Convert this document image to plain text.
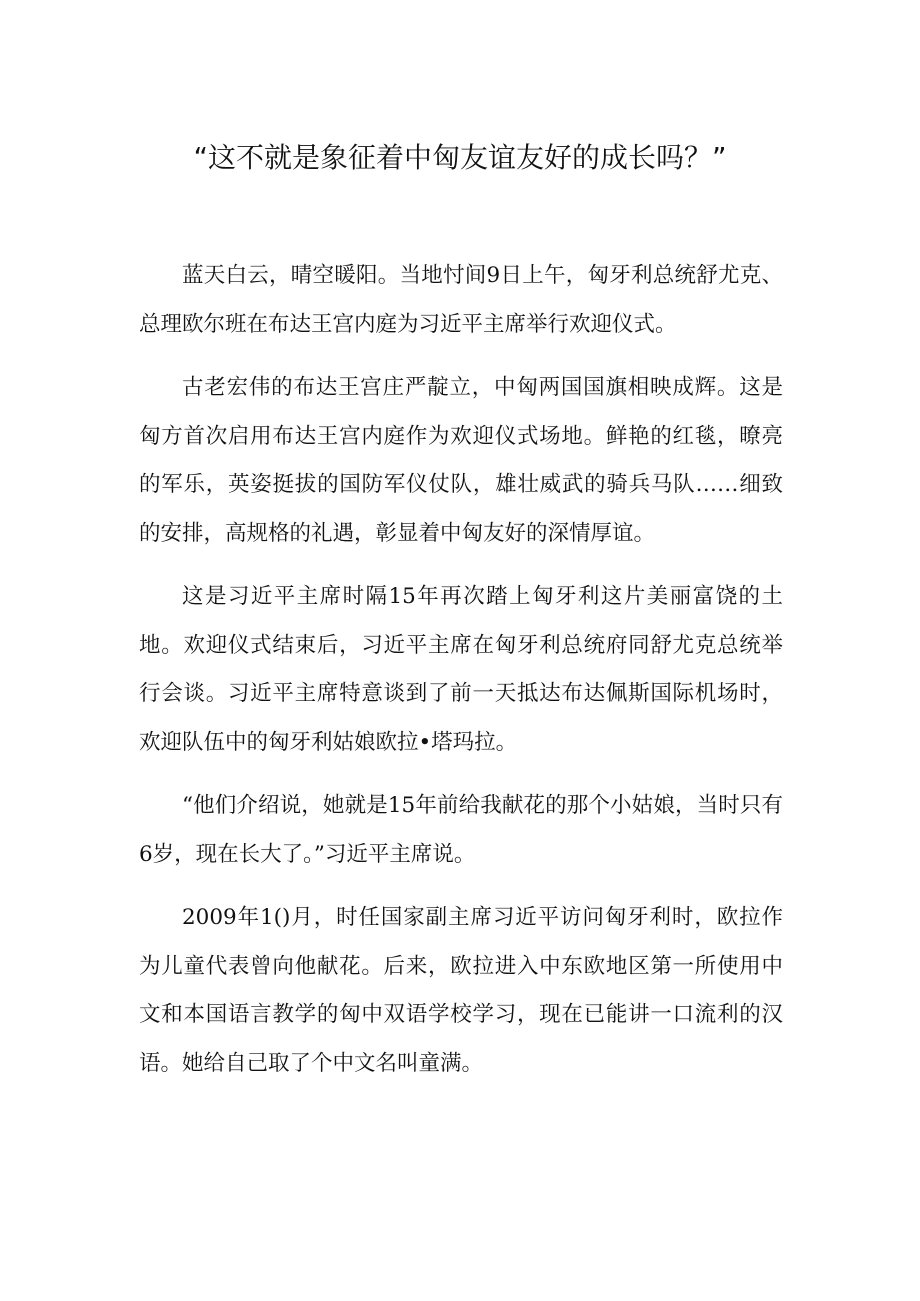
“这不就是象征着中匈友谊友好的成长吗？”

蓝天白云，晴空暖阳。当地忖间9日上午，匈牙利总统舒尤克、总理欧尔班在布达王宫内庭为习近平主席举行欢迎仪式。

古老宏伟的布达王宫庄严靛立，中匈两国国旗相映成辉。这是匈方首次启用布达王宫内庭作为欢迎仪式场地。鲜艳的红毯，暸亮的军乐，英姿挺拔的国防军仪仗队，雄壮威武的骑兵马队……细致的安排，高规格的礼遇，彰显着中匈友好的深情厚谊。

这是习近平主席时隔15年再次踏上匈牙利这片美丽富饶的土地。欢迎仪式结束后，习近平主席在匈牙利总统府同舒尤克总统举行会谈。习近平主席特意谈到了前一天抵达布达佩斯国际机场时，欢迎队伍中的匈牙利姑娘欧拉•塔玛拉。

“他们介绍说，她就是15年前给我献花的那个小姑娘，当时只有6岁，现在长大了。”习近平主席说。

2009年1()月，时任国家副主席习近平访问匈牙利时，欧拉作为儿童代表曾向他献花。后来，欧拉进入中东欧地区第一所使用中文和本国语言教学的匈中双语学校学习，现在已能讲一口流利的汉语。她给自己取了个中文名叫童满。
